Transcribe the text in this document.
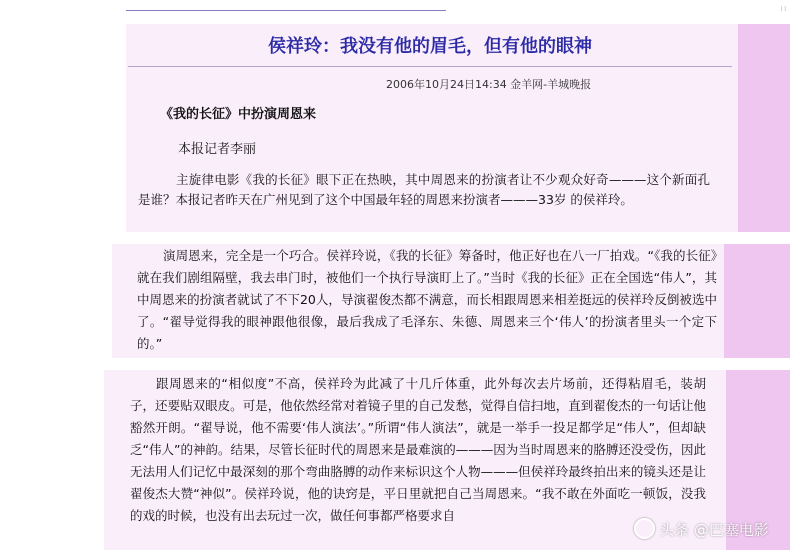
| |
侯祥玲：我没有他的眉毛，但有他的眼神
2006年10月24日14:34 金羊网-羊城晚报
《我的长征》中扮演周恩来
本报记者李丽
主旋律电影《我的长征》眼下正在热映，其中周恩来的扮演者让不少观众好奇———这个新面孔是谁？本报记者昨天在广州见到了这个中国最年轻的周恩来扮演者———33岁 的侯祥玲。
演周恩来，完全是一个巧合。侯祥玲说，《我的长征》筹备时，他正好也在八一厂拍戏。“《我的长征》就在我们剧组隔壁，我去串门时，被他们一个执行导演盯上了。”当时《我的长征》正在全国选“伟人”，其中周恩来的扮演者就试了不下20人，导演翟俊杰都不满意，而长相跟周恩来相差挺远的侯祥玲反倒被选中了。“翟导觉得我的眼神跟他很像，最后我成了毛泽东、朱德、周恩来三个‘伟人’的扮演者里头一个定下的。”
跟周恩来的“相似度”不高，侯祥玲为此减了十几斤体重，此外每次去片场前，还得粘眉毛，装胡子，还要贴双眼皮。可是，他依然经常对着镜子里的自己发愁，觉得自信扫地，直到翟俊杰的一句话让他豁然开朗。“翟导说，他不需要‘伟人演法’。”所谓“伟人演法”，就是一举手一投足都学足“伟人”，但却缺乏“伟人”的神韵。结果，尽管长征时代的周恩来是最难演的———因为当时周恩来的胳膊还没受伤，因此无法用人们记忆中最深刻的那个弯曲胳膊的动作来标识这个人物———但侯祥玲最终拍出来的镜头还是让翟俊杰大赞“神似”。侯祥玲说，他的诀窍是，平日里就把自己当周恩来。“我不敢在外面吃一顿饭，没我的戏的时候，也没有出去玩过一次，做任何事都严格要求自
头条 @巴塞电影
